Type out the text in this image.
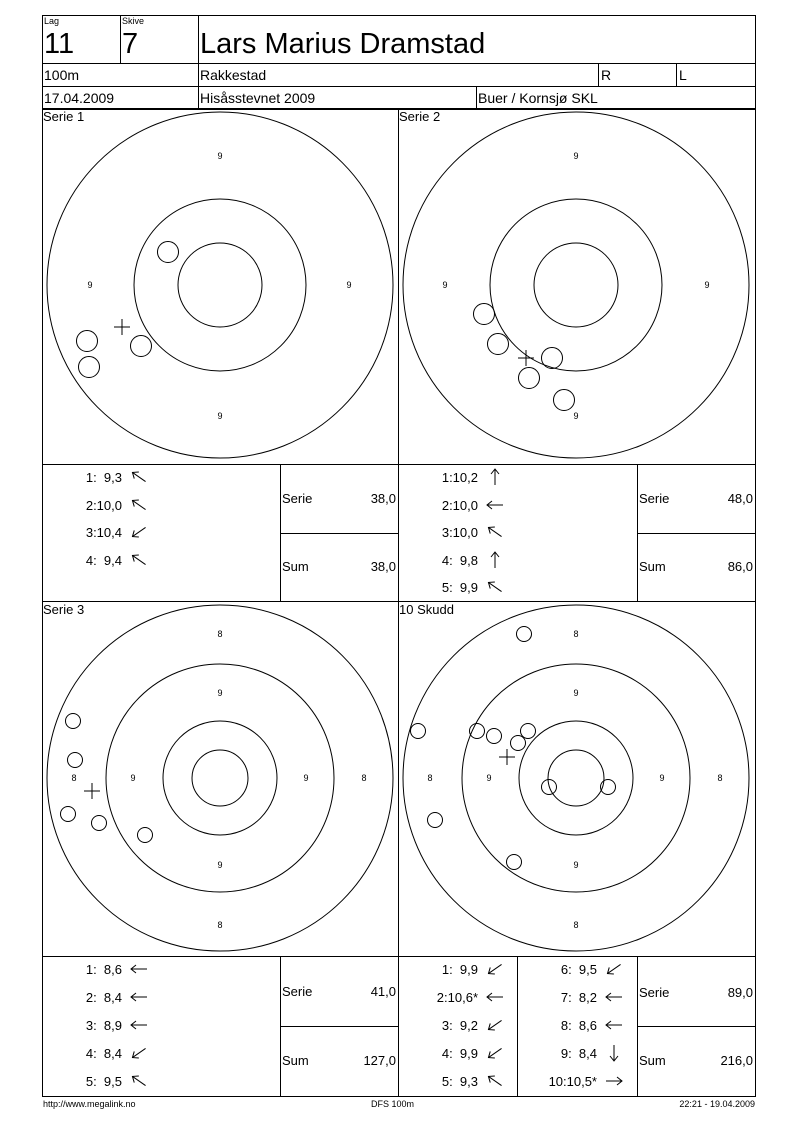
Lag
11
Skive
7 Lars Marius Dramstad
100m	Rakkestad	R	L
17.04.2009	Hisåsstevnet 2009	Buer / Kornsjø SKL
9
9
9	9
9
9
9	9
8
8
8	8
9
9
9	9
8
8
8	8
9
9
9	9
Serie 1	Serie 2
Serie 3	10 Skudd
1:  9,3
2:10,0
3:10,4
4:  9,4
1:10,2
2:10,0
3:10,0
4:  9,8
5:  9,9
1:  8,6
2:  8,4
3:  8,9
4:  8,4
5:  9,5
1:  9,9
2:10,6*
3:  9,2
4:  9,9
5:  9,3
6:  9,5
7:  8,2
8:  8,6
9:  8,4
10:10,5*
Serie	38,0
Sum	38,0
Serie	48,0
Sum	86,0
Serie	41,0
Sum	127,0
Serie	89,0
Sum	216,0
http://www.megalink.no	DFS 100m	22:21 - 19.04.2009
